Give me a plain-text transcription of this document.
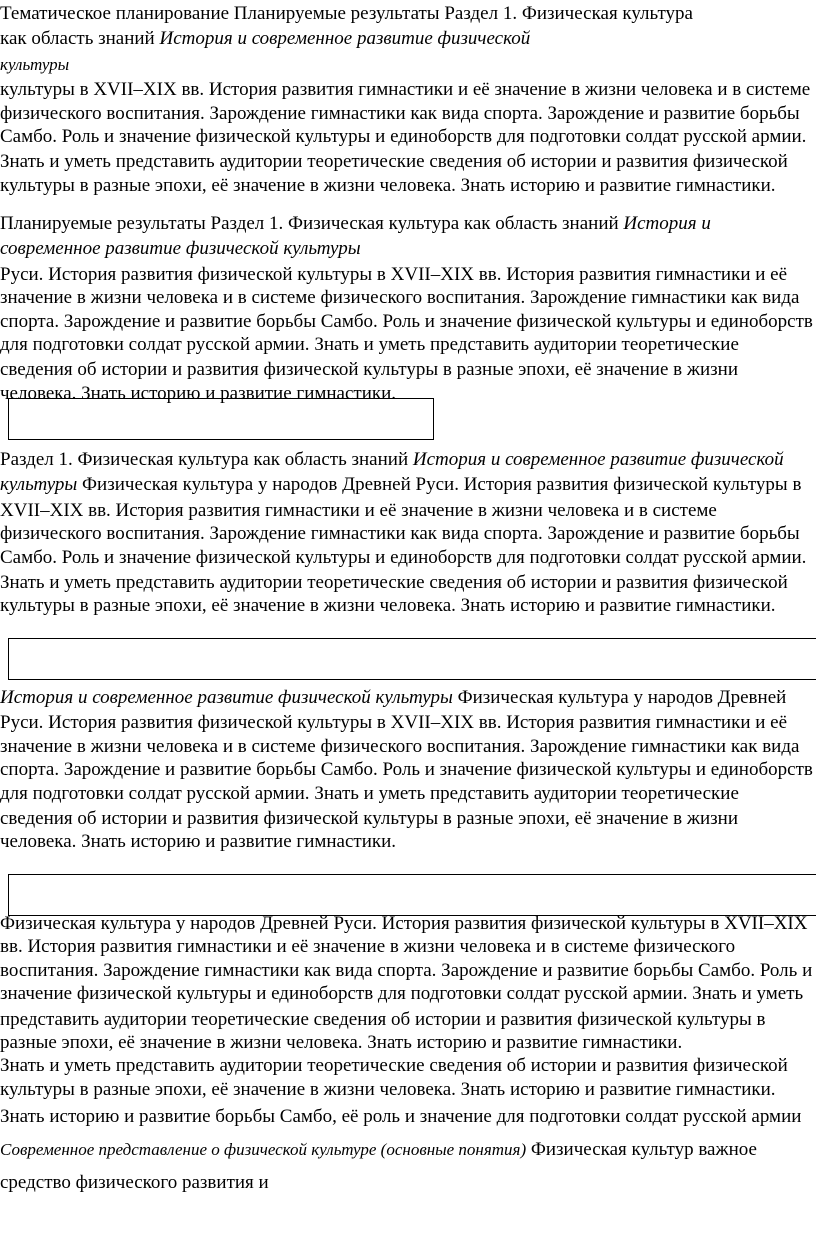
Тематическое планирование Планируемые результаты Раздел 1. Физическая культура

как область знаний История и современное развитие физической

культуры

культуры в XVII–XIX вв. История развития гимнастики и её значение в жизни человека и в системе физического воспитания. Зарождение гимнастики как вида спорта. Зарождение и развитие борьбы Самбо. Роль и значение физической культуры и единоборств для подготовки солдат русской армии. Знать и уметь представить аудитории теоретические сведения об истории и развития физической культуры в разные эпохи, её значение в жизни человека. Знать историю и развитие гимнастики.

Планируемые результаты Раздел 1. Физическая культура как область знаний История и современное развитие физической культуры

Руси. История развития физической культуры в XVII–XIX вв. История развития гимнастики и её значение в жизни человека и в системе физического воспитания. Зарождение гимнастики как вида спорта. Зарождение и развитие борьбы Самбо. Роль и значение физической культуры и единоборств для подготовки солдат русской армии. Знать и уметь представить аудитории теоретические сведения об истории и развития физической культуры в разные эпохи, её значение в жизни человека. Знать историю и развитие гимнастики.

Раздел 1. Физическая культура как область знаний История и современное развитие физической культуры Физическая культура у народов Древней Руси. История развития физической культуры в XVII–XIX вв. История развития гимнастики и её значение в жизни человека и в системе физического воспитания. Зарождение гимнастики как вида спорта. Зарождение и развитие борьбы Самбо. Роль и значение физической культуры и единоборств для подготовки солдат русской армии. Знать и уметь представить аудитории теоретические сведения об истории и развития физической культуры в разные эпохи, её значение в жизни человека. Знать историю и развитие гимнастики.

История и современное развитие физической культуры Физическая культура у народов Древней Руси. История развития физической культуры в XVII–XIX вв. История развития гимнастики и её значение в жизни человека и в системе физического воспитания. Зарождение гимнастики как вида спорта. Зарождение и развитие борьбы Самбо. Роль и значение физической культуры и единоборств для подготовки солдат русской армии. Знать и уметь представить аудитории теоретические сведения об истории и развития физической культуры в разные эпохи, её значение в жизни человека. Знать историю и развитие гимнастики.

Физическая культура у народов Древней Руси. История развития физической культуры в XVII–XIX вв. История развития гимнастики и её значение в жизни человека и в системе физического воспитания. Зарождение гимнастики как вида спорта. Зарождение и развитие борьбы Самбо. Роль и значение физической культуры и единоборств для подготовки солдат русской армии. Знать и уметь представить аудитории теоретические сведения об истории и развития физической культуры в разные эпохи, её значение в жизни человека. Знать историю и развитие гимнастики.

Знать и уметь представить аудитории теоретические сведения об истории и развития физической культуры в разные эпохи, её значение в жизни человека. Знать историю и развитие гимнастики.

Знать историю и развитие борьбы Самбо, её роль и значение для подготовки солдат русской армии Современное представление о физической культуре (основные понятия) Физическая культур важное средство физического развития и
